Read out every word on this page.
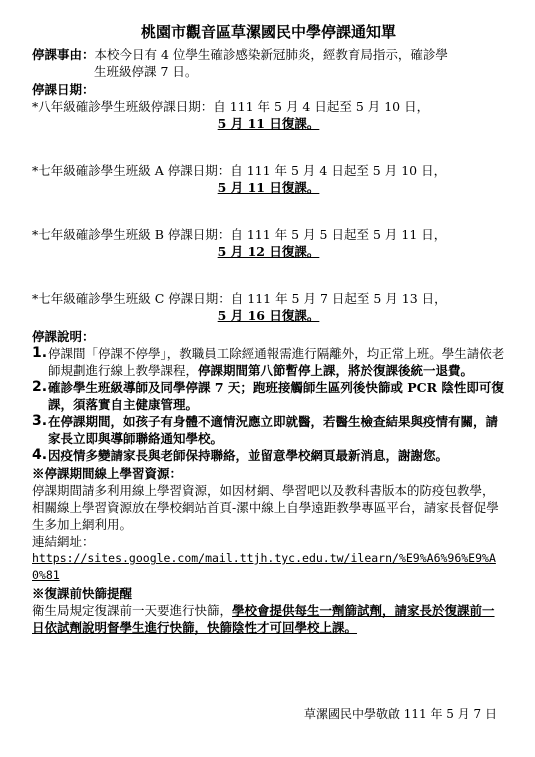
桃園市觀音區草漯國民中學停課通知單
停課事由： 本校今日有 4 位學生確診感染新冠肺炎，經教育局指示，確診學
生班級停課 7 日。
停課日期：
*八年級確診學生班級停課日期：自 111 年 5 月 4 日起至 5 月 10 日，
5 月 11 日復課。
*七年級確診學生班級 A 停課日期：自 111 年 5 月 4 日起至 5 月 10 日，
5 月 11 日復課。
*七年級確診學生班級 B 停課日期：自 111 年 5 月 5 日起至 5 月 11 日，
5 月 12 日復課。
*七年級確診學生班級 C 停課日期：自 111 年 5 月 7 日起至 5 月 13 日，
5 月 16 日復課。
停課說明：
1. 停課間「停課不停學」，教職員工除經通報需進行隔離外，均正常上班。學生請依老師規劃進行線上教學課程，停課期間第八節暫停上課，將於復課後統一退費。
2. 確診學生班級導師及同學停課 7 天；跑班接觸師生區列後快篩或 PCR 陰性即可復課，須落實自主健康管理。
3. 在停課期間，如孩子有身體不適情況應立即就醫，若醫生檢查結果與疫情有關，請家長立即與導師聯絡通知學校。
4. 因疫情多變請家長與老師保持聯絡，並留意學校網頁最新消息，謝謝您。
※停課期間線上學習資源：
停課期間請多利用線上學習資源，如因材網、學習吧以及教科書版本的防疫包教學，相關線上學習資源放在學校網站首頁-漯中線上自學遠距教學專區平台，請家長督促學生多加上網利用。
連結網址：
https://sites.google.com/mail.ttjh.tyc.edu.tw/ilearn/%E9%A6%96%E9%A0%81
※復課前快篩提醒
衛生局規定復課前一天要進行快篩，學校會提供每生一劑篩試劑，請家長於復課前一日依試劑說明督學生進行快篩，快篩陰性才可回學校上課。
草漯國民中學敬啟 111 年 5 月 7 日
